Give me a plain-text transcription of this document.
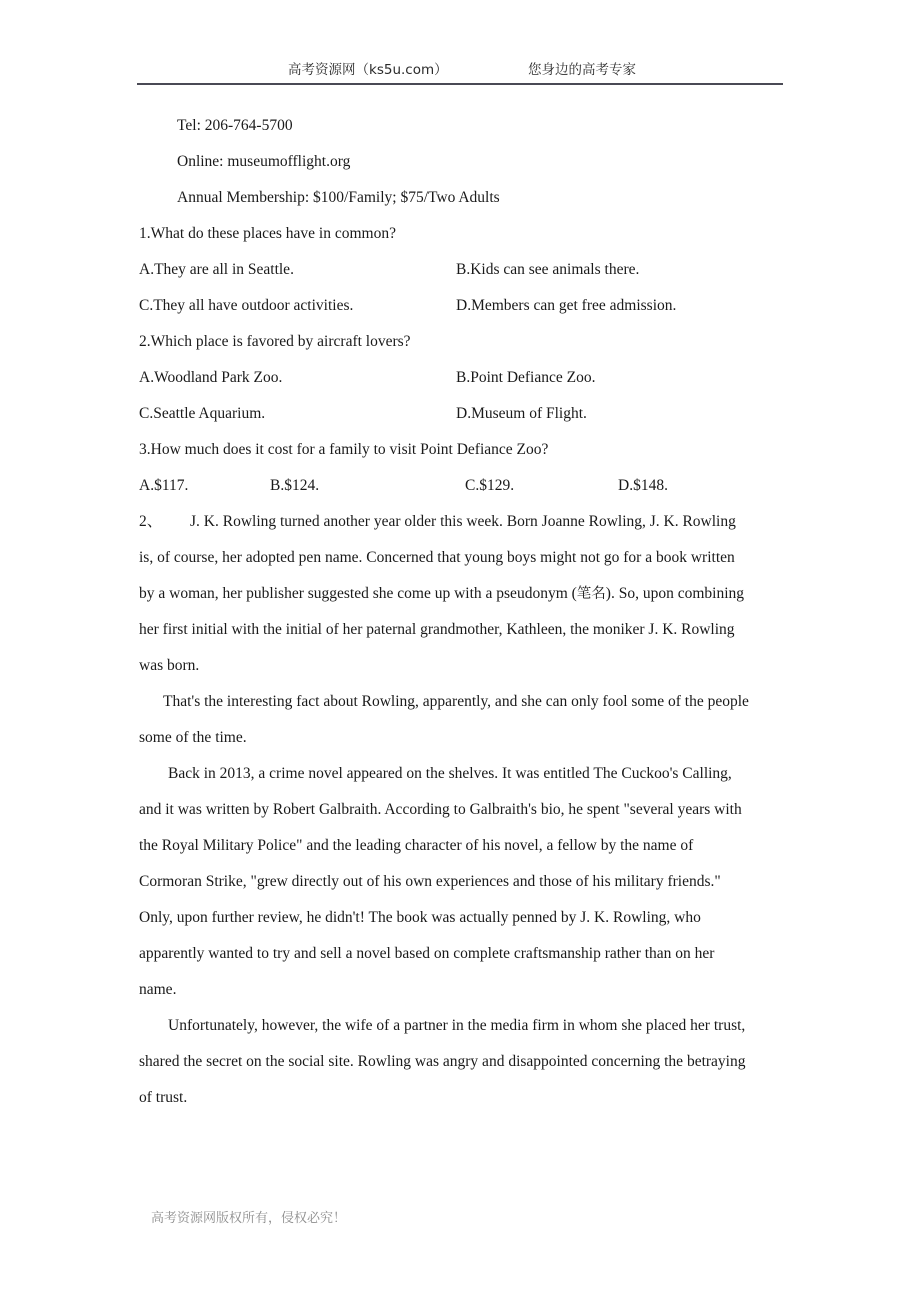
高考资源网（ks5u.com）	您身边的高考专家
Tel: 206-764-5700
Online: museumofflight.org
Annual Membership: $100/Family; $75/Two Adults
1.What do these places have in common?
A.They are all in Seattle.	B.Kids can see animals there.
C.They all have outdoor activities.	D.Members can get free admission.
2.Which place is favored by aircraft lovers?
A.Woodland Park Zoo.	B.Point Defiance Zoo.
C.Seattle Aquarium.	D.Museum of Flight.
3.How much does it cost for a family to visit Point Defiance Zoo?
A.$117.	B.$124.	C.$129.	D.$148.
2、 J. K. Rowling turned another year older this week. Born Joanne Rowling, J. K. Rowling
is, of course, her adopted pen name. Concerned that young boys might not go for a book written
by a woman, her publisher suggested she come up with a pseudonym (笔名). So, upon combining
her first initial with the initial of her paternal grandmother, Kathleen, the moniker J. K. Rowling
was born.
That's the interesting fact about Rowling, apparently, and she can only fool some of the people
some of the time.
Back in 2013, a crime novel appeared on the shelves. It was entitled The Cuckoo's Calling,
and it was written by Robert Galbraith. According to Galbraith's bio, he spent "several years with
the Royal Military Police" and the leading character of his novel, a fellow by the name of
Cormoran Strike, "grew directly out of his own experiences and those of his military friends."
Only, upon further review, he didn't! The book was actually penned by J. K. Rowling, who
apparently wanted to try and sell a novel based on complete craftsmanship rather than on her
name.
Unfortunately, however, the wife of a partner in the media firm in whom she placed her trust,
shared the secret on the social site. Rowling was angry and disappointed concerning the betraying
of trust.
高考资源网版权所有，侵权必究！
